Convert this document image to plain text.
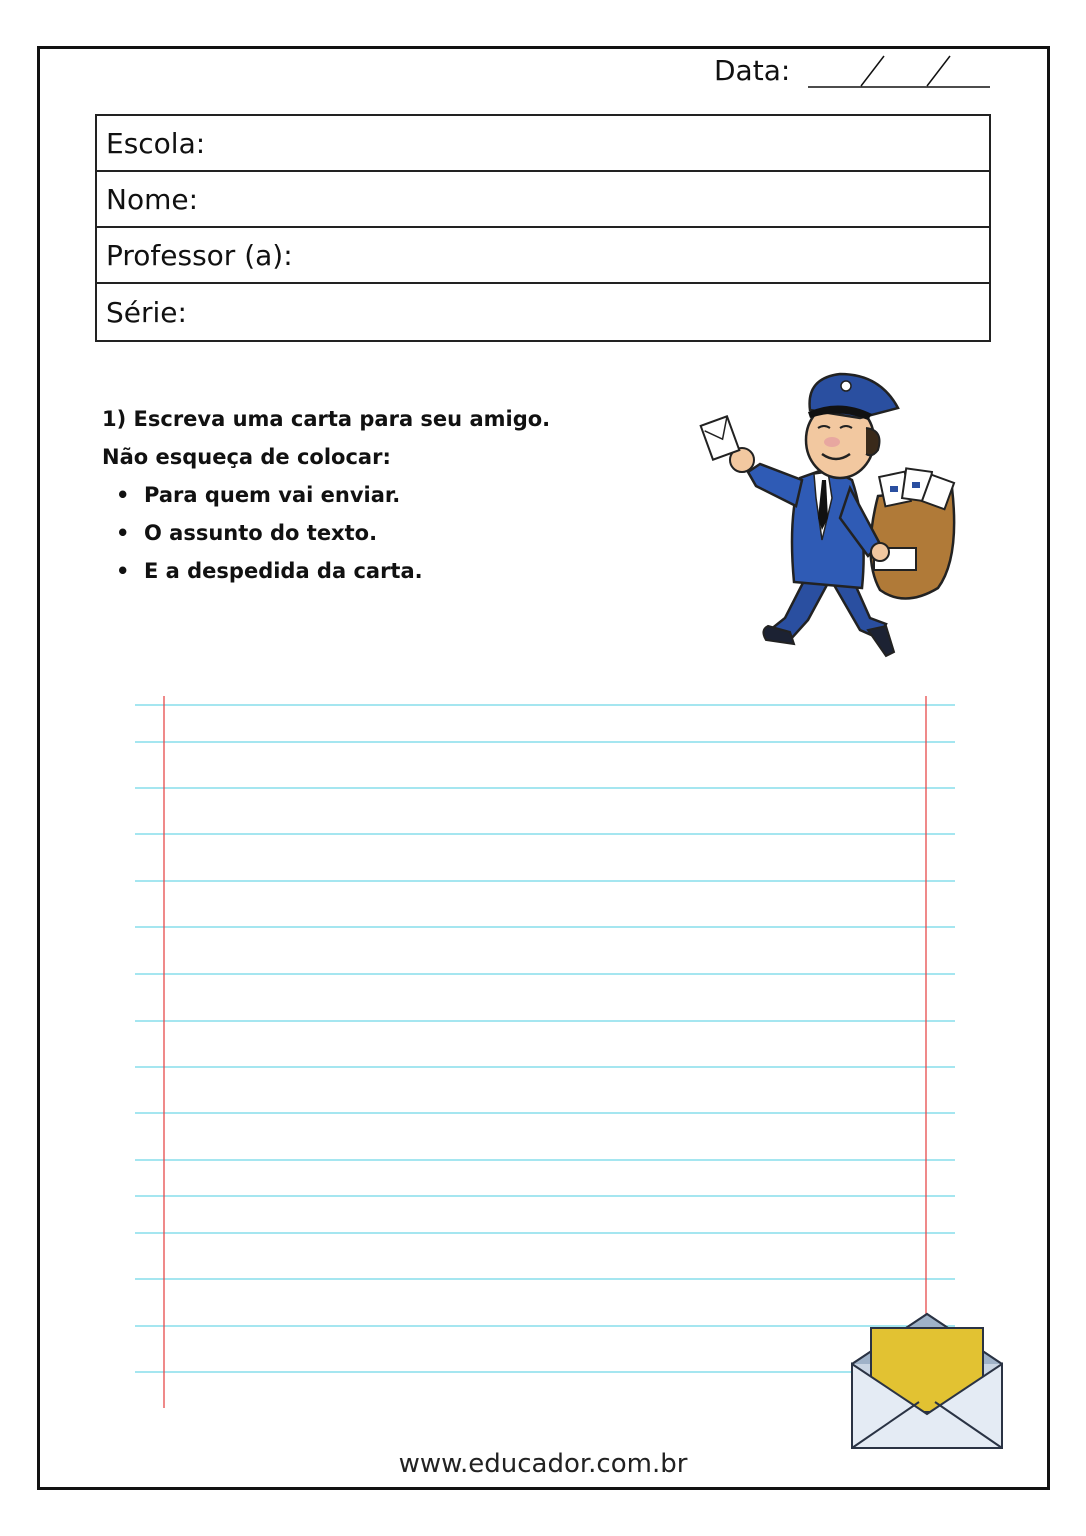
Data:
Escola:
Nome:
Professor (a):
Série:
1) Escreva uma carta para seu amigo.
Não esqueça de colocar:
• Para quem vai enviar.
• O assunto do texto.
• E a despedida da carta.
www.educador.com.br
